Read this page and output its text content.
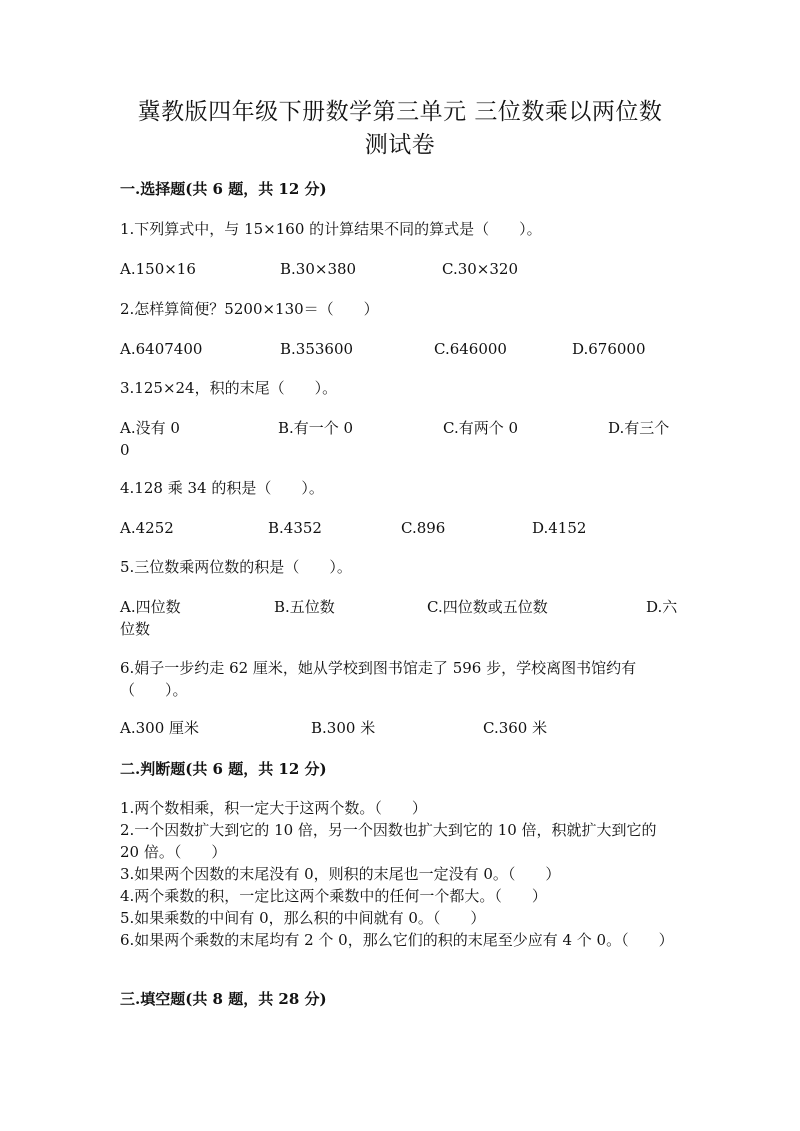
冀教版四年级下册数学第三单元 三位数乘以两位数
测试卷
一.选择题(共 6 题，共 12 分)
1.下列算式中，与 15×160 的计算结果不同的算式是（　　）。
A.150×16	B.30×380	C.30×320
2.怎样算简便？5200×130＝（　　）
A.6407400	B.353600	C.646000	D.676000
3.125×24，积的末尾（　　）。
A.没有 0	B.有一个 0	C.有两个 0	D.有三个
0
4.128 乘 34 的积是（　　）。
A.4252	B.4352	C.896	D.4152
5.三位数乘两位数的积是（　　）。
A.四位数	B.五位数	C.四位数或五位数	D.六
位数
6.娟子一步约走 62 厘米，她从学校到图书馆走了 596 步，学校离图书馆约有（　　）。
A.300 厘米	B.300 米	C.360 米
二.判断题(共 6 题，共 12 分)
1.两个数相乘，积一定大于这两个数。（　　）
2.一个因数扩大到它的 10 倍，另一个因数也扩大到它的 10 倍，积就扩大到它的 20 倍。（　　）
3.如果两个因数的末尾没有 0，则积的末尾也一定没有 0。（　　）
4.两个乘数的积，一定比这两个乘数中的任何一个都大。（　　）
5.如果乘数的中间有 0，那么积的中间就有 0。（　　）
6.如果两个乘数的末尾均有 2 个 0，那么它们的积的末尾至少应有 4 个 0。（　　）
三.填空题(共 8 题，共 28 分)
